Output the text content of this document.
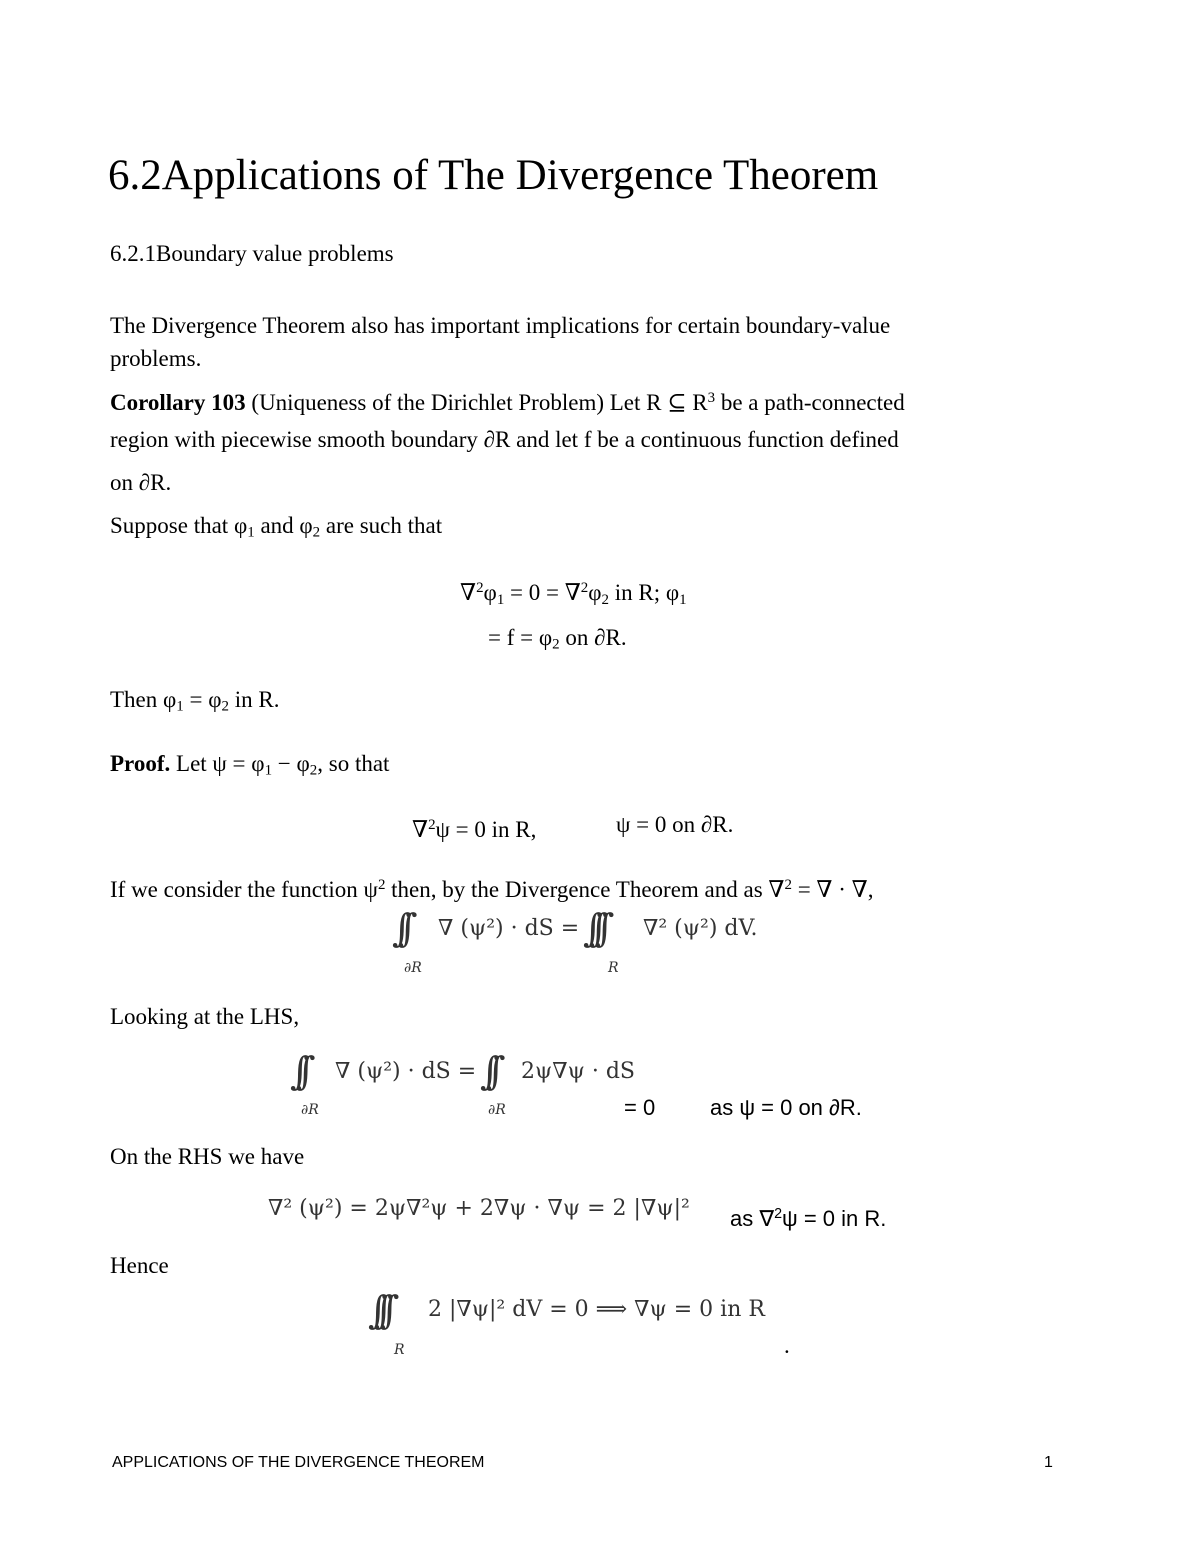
6.2Applications of The Divergence Theorem
6.2.1Boundary value problems
The Divergence Theorem also has important implications for certain boundary-value
problems.
Corollary 103 (Uniqueness of the Dirichlet Problem) Let R ⊆ $R^3$ be a path-connected
region with piecewise smooth boundary ∂R and let f be a continuous function defined
on ∂R.
Suppose that $\varphi_1$ and $\varphi_2$ are such that
$\nabla^2\varphi_1 = 0 = \nabla^2\varphi_2$ in R; $\varphi_1$
= $f = \varphi_2$ on ∂R.
Then $\varphi_1 = \varphi_2$ in R.
Proof. Let $\psi = \varphi_1 - \varphi_2$, so that
∇$^2$ψ = 0 in R,	ψ = 0 on ∂R.
If we consider the function $\psi^2$ then, by the Divergence Theorem and as ∇$^2$ = ∇ · ∇,
∫∫
∂R
∇ (ψ²) · dS = ∫∫∫
R
∇² (ψ²) dV.
Looking at the LHS,
∫∫
∂R
∇ (ψ²) · dS = ∫∫
∂R
2ψ∇ψ · dS
= 0 as ψ = 0 on ∂R.
On the RHS we have
∇² (ψ²) = 2ψ∇²ψ + 2∇ψ · ∇ψ = 2 |∇ψ|² as ∇$^2$ψ = 0 in R.
Hence
∫∫∫
R
2 |∇ψ|² dV = 0 ⟹ ∇ψ = 0 in R
.
APPLICATIONS OF THE DIVERGENCE THEOREM	1
